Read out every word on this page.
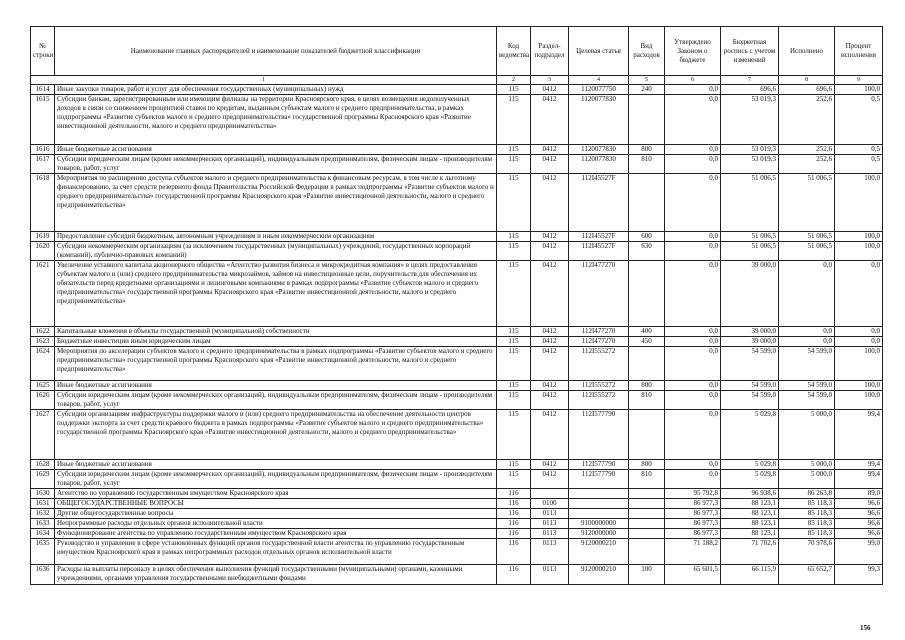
№ строки	Наименование главных распорядителей и наименование показателей бюджетной классификации	Код ведомства	Раздел-подраздел	Целевая статья	Вид расходов	Утверждено Законом о бюджете	Бюджетная роспись с учетом изменений	Исполнено	Процент исполнения
1		2	3	4	5	6	7	8	9
1614	Иные закупки товаров, работ и услуг для обеспечения государственных (муниципальных) нужд	115	0412	1120077750	240	0,0	696,6	696,6	100,0
1615	Субсидии банкам, зарегистрированным или имеющим филиалы на территории Красноярского края, в целях возмещения недополученных доходов в связи со снижением процентной ставки по кредитам, выданным субъектам малого и среднего предпринимательства, в рамках подпрограммы «Развитие субъектов малого и среднего предпринимательства» государственной программы Красноярского края «Развитие инвестиционной деятельности, малого и среднего предпринимательства»	115	0412	1120077830		0,0	53 019,3	252,6	0,5
1616	Иные бюджетные ассигнования	115	0412	1120077830	800	0,0	53 019,3	252,6	0,5
1617	Субсидии юридическим лицам (кроме некоммерческих организаций), индивидуальным предпринимателям, физическим лицам - производителям товаров, работ, услуг	115	0412	1120077830	810	0,0	53 019,3	252,6	0,5
1618	Мероприятия по расширению доступа субъектов малого и среднего предпринимательства к финансовым ресурсам, в том числе к льготному финансированию, за счет средств резервного фонда Правительства Российской Федерации в рамках подпрограммы «Развитие субъектов малого и среднего предпринимательства» государственной программы Красноярского края «Развитие инвестиционной деятельности, малого и среднего предпринимательства»	115	0412	112I45527F		0,0	51 006,5	51 006,5	100,0
1619	Предоставление субсидий бюджетным, автономным учреждениям и иным некоммерческим организациям	115	0412	112I45527F	600	0,0	51 006,5	51 006,5	100,0
1620	Субсидии некоммерческим организациям (за исключением государственных (муниципальных) учреждений, государственных корпораций (компаний), публично-правовых компаний)	115	0412	112I45527F	630	0,0	51 006,5	51 006,5	100,0
1621	Увеличение уставного капитала акционерного общества «Агентство развития бизнеса и микрокредитная компания» в целях предоставления субъектам малого и (или) среднего предпринимательства микрозаймов, займов на инвестиционные цели, поручительств для обеспечения их обязательств перед кредитными организациями и лизинговыми компаниями в рамках подпрограммы «Развитие субъектов малого и среднего предпринимательства» государственной программы Красноярского края «Развитие инвестиционной деятельности, малого и среднего предпринимательства»	115	0412	112I477270		0,0	39 000,0	0,0	0,0
1622	Капитальные вложения в объекты государственной (муниципальной) собственности	115	0412	112I477270	400	0,0	39 000,0	0,0	0,0
1623	Бюджетные инвестиции иным юридическим лицам	115	0412	112I477270	450	0,0	39 000,0	0,0	0,0
1624	Мероприятия по акселерации субъектов малого и среднего предпринимательства в рамках подпрограммы «Развитие субъектов малого и среднего предпринимательства» государственной программы Красноярского края «Развитие инвестиционной деятельности, малого и среднего предпринимательства»	115	0412	112I555272		0,0	54 599,0	54 599,0	100,0
1625	Иные бюджетные ассигнования	115	0412	112I555272	800	0,0	54 599,0	54 599,0	100,0
1626	Субсидии юридическим лицам (кроме некоммерческих организаций), индивидуальным предпринимателям, физическим лицам - производителям товаров, работ, услуг	115	0412	112I555272	810	0,0	54 599,0	54 599,0	100,0
1627	Субсидии организациям инфраструктуры поддержки малого и (или) среднего предпринимательства на обеспечение деятельности центров поддержки экспорта за счет средств краевого бюджета в рамках подпрограммы «Развитие субъектов малого и среднего предпринимательства» государственной программы Красноярского края «Развитие инвестиционной деятельности, малого и среднего предпринимательства»	115	0412	112I577790		0,0	5 029,8	5 000,0	99,4
1628	Иные бюджетные ассигнования	115	0412	112I577790	800	0,0	5 029,8	5 000,0	99,4
1629	Субсидии юридическим лицам (кроме некоммерческих организаций), индивидуальным предпринимателям, физическим лицам - производителям товаров, работ, услуг	115	0412	112I577790	810	0,0	5 029,8	5 000,0	99,4
1630	Агентство по управлению государственным имуществом Красноярского края	116				95 792,8	96 938,6	86 263,8	89,0
1631	ОБЩЕГОСУДАРСТВЕННЫЕ ВОПРОСЫ	116	0100			86 977,3	88 123,1	85 118,3	96,6
1632	Другие общегосударственные вопросы	116	0113			86 977,3	88 123,1	85 118,3	96,6
1633	Непрограммные расходы отдельных органов исполнительной власти	116	0113	9100000000		86 977,3	88 123,1	85 118,3	96,6
1634	Функционирование агентства по управлению государственным имуществом Красноярского края	116	0113	9120000000		86 977,3	88 123,1	85 118,3	96,6
1635	Руководство и управление в сфере установленных функций органов государственной власти агентства по управлению государственным имуществом Красноярского края в рамках непрограммных расходов отдельных органов исполнительной власти	116	0113	9120000210		71 188,2	71 702,6	70 978,6	99,0
1636	Расходы на выплаты персоналу в целях обеспечения выполнения функций государственными (муниципальными) органами, казенными учреждениями, органами управления государственными внебюджетными фондами	116	0113	9120000210	100	65 601,5	66 115,9	65 652,7	99,3
156
